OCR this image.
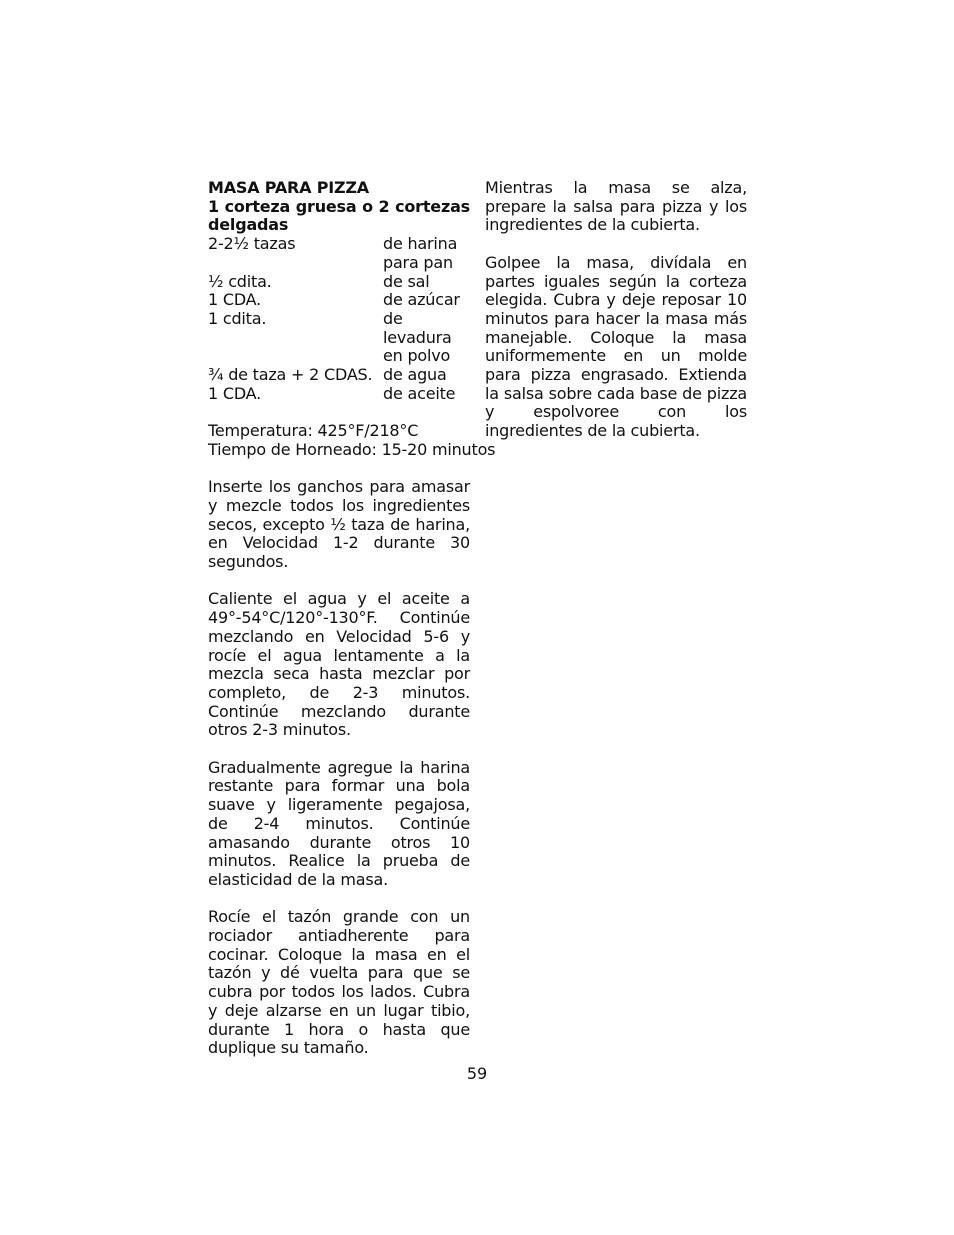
MASA PARA PIZZA
1 corteza gruesa o 2 cortezas delgadas
2-2½ tazas	de harina para pan
½ cdita.	de sal
1 CDA.	de azúcar
1 cdita.	de levadura en polvo
¾ de taza + 2 CDAS. de agua
1 CDA.	de aceite
Temperatura: 425°F/218°C
Tiempo de Horneado: 15-20 minutos

Inserte los ganchos para amasar y mezcle todos los ingredientes secos, excepto ½ taza de harina, en Velocidad 1-2 durante 30 segundos.

Caliente el agua y el aceite a 49°-54°C/120°-130°F. Continúe mezclando en Velocidad 5-6 y rocíe el agua lentamente a la mezcla seca hasta mezclar por completo, de 2-3 minutos. Continúe mezclando durante otros 2-3 minutos.

Gradualmente agregue la harina restante para formar una bola suave y ligeramente pegajosa, de 2-4 minutos. Continúe amasando durante otros 10 minutos. Realice la prueba de elasticidad de la masa.

Rocíe el tazón grande con un rociador antiadherente para cocinar. Coloque la masa en el tazón y dé vuelta para que se cubra por todos los lados. Cubra y deje alzarse en un lugar tibio, durante 1 hora o hasta que duplique su tamaño.

Mientras la masa se alza, prepare la salsa para pizza y los ingredientes de la cubierta.

Golpee la masa, divídala en partes iguales según la corteza elegida. Cubra y deje reposar 10 minutos para hacer la masa más manejable. Coloque la masa uniformemente en un molde para pizza engrasado. Extienda la salsa sobre cada base de pizza y espolvoree con los ingredientes de la cubierta.

59
